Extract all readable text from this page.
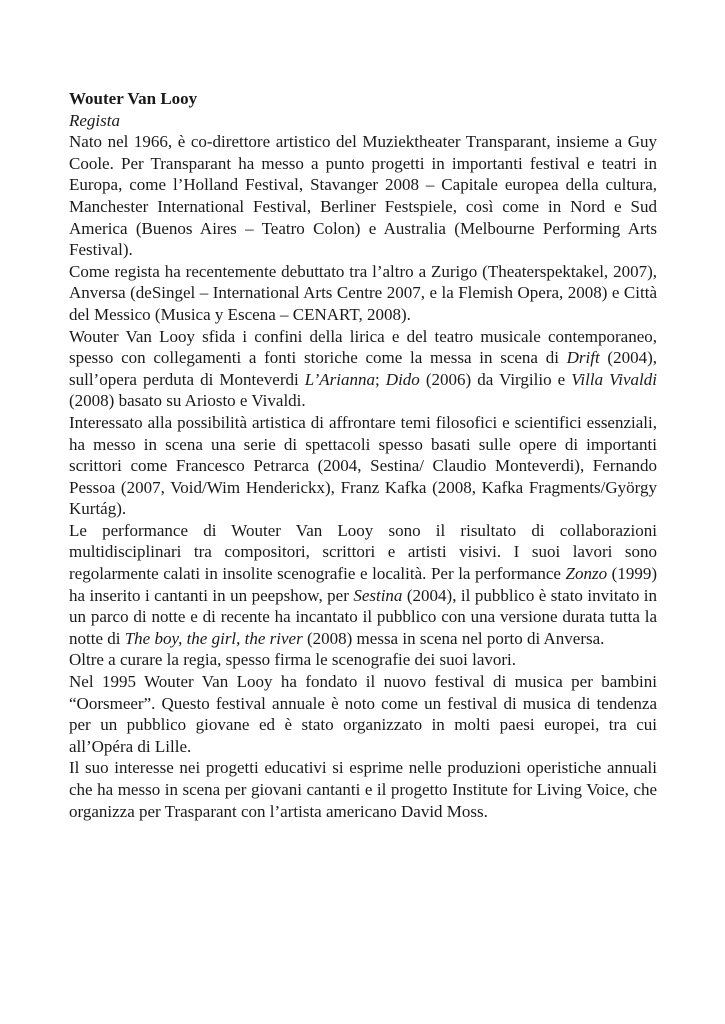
Wouter Van Looy

Regista

Nato nel 1966, è co-direttore artistico del Muziektheater Transparant, insieme a Guy Coole. Per Transparant ha messo a punto progetti in importanti festival e teatri in Europa, come l’Holland Festival, Stavanger 2008 – Capitale europea della cultura, Manchester International Festival, Berliner Festspiele, così come in Nord e Sud America (Buenos Aires – Teatro Colon) e Australia (Melbourne Performing Arts Festival).

Come regista ha recentemente debuttato tra l’altro a Zurigo (Theaterspektakel, 2007), Anversa (deSingel – International Arts Centre 2007, e la Flemish Opera, 2008) e Città del Messico (Musica y Escena – CENART, 2008).

Wouter Van Looy sfida i confini della lirica e del teatro musicale contemporaneo, spesso con collegamenti a fonti storiche come la messa in scena di Drift (2004), sull’opera perduta di Monteverdi L’Arianna; Dido (2006) da Virgilio e Villa Vivaldi (2008) basato su Ariosto e Vivaldi.

Interessato alla possibilità artistica di affrontare temi filosofici e scientifici essenziali, ha messo in scena una serie di spettacoli spesso basati sulle opere di importanti scrittori come Francesco Petrarca (2004, Sestina/ Claudio Monteverdi), Fernando Pessoa (2007, Void/Wim Henderickx), Franz Kafka (2008, Kafka Fragments/György Kurtág).

Le performance di Wouter Van Looy sono il risultato di collaborazioni multidisciplinari tra compositori, scrittori e artisti visivi. I suoi lavori sono regolarmente calati in insolite scenografie e località. Per la performance Zonzo (1999) ha inserito i cantanti in un peepshow, per Sestina (2004), il pubblico è stato invitato in un parco di notte e di recente ha incantato il pubblico con una versione durata tutta la notte di The boy, the girl, the river (2008) messa in scena nel porto di Anversa.

Oltre a curare la regia, spesso firma le scenografie dei suoi lavori.

Nel 1995 Wouter Van Looy ha fondato il nuovo festival di musica per bambini “Oorsmeer”. Questo festival annuale è noto come un festival di musica di tendenza per un pubblico giovane ed è stato organizzato in molti paesi europei, tra cui all’Opéra di Lille.

Il suo interesse nei progetti educativi si esprime nelle produzioni operistiche annuali che ha messo in scena per giovani cantanti e il progetto Institute for Living Voice, che organizza per Trasparant con l’artista americano David Moss.
